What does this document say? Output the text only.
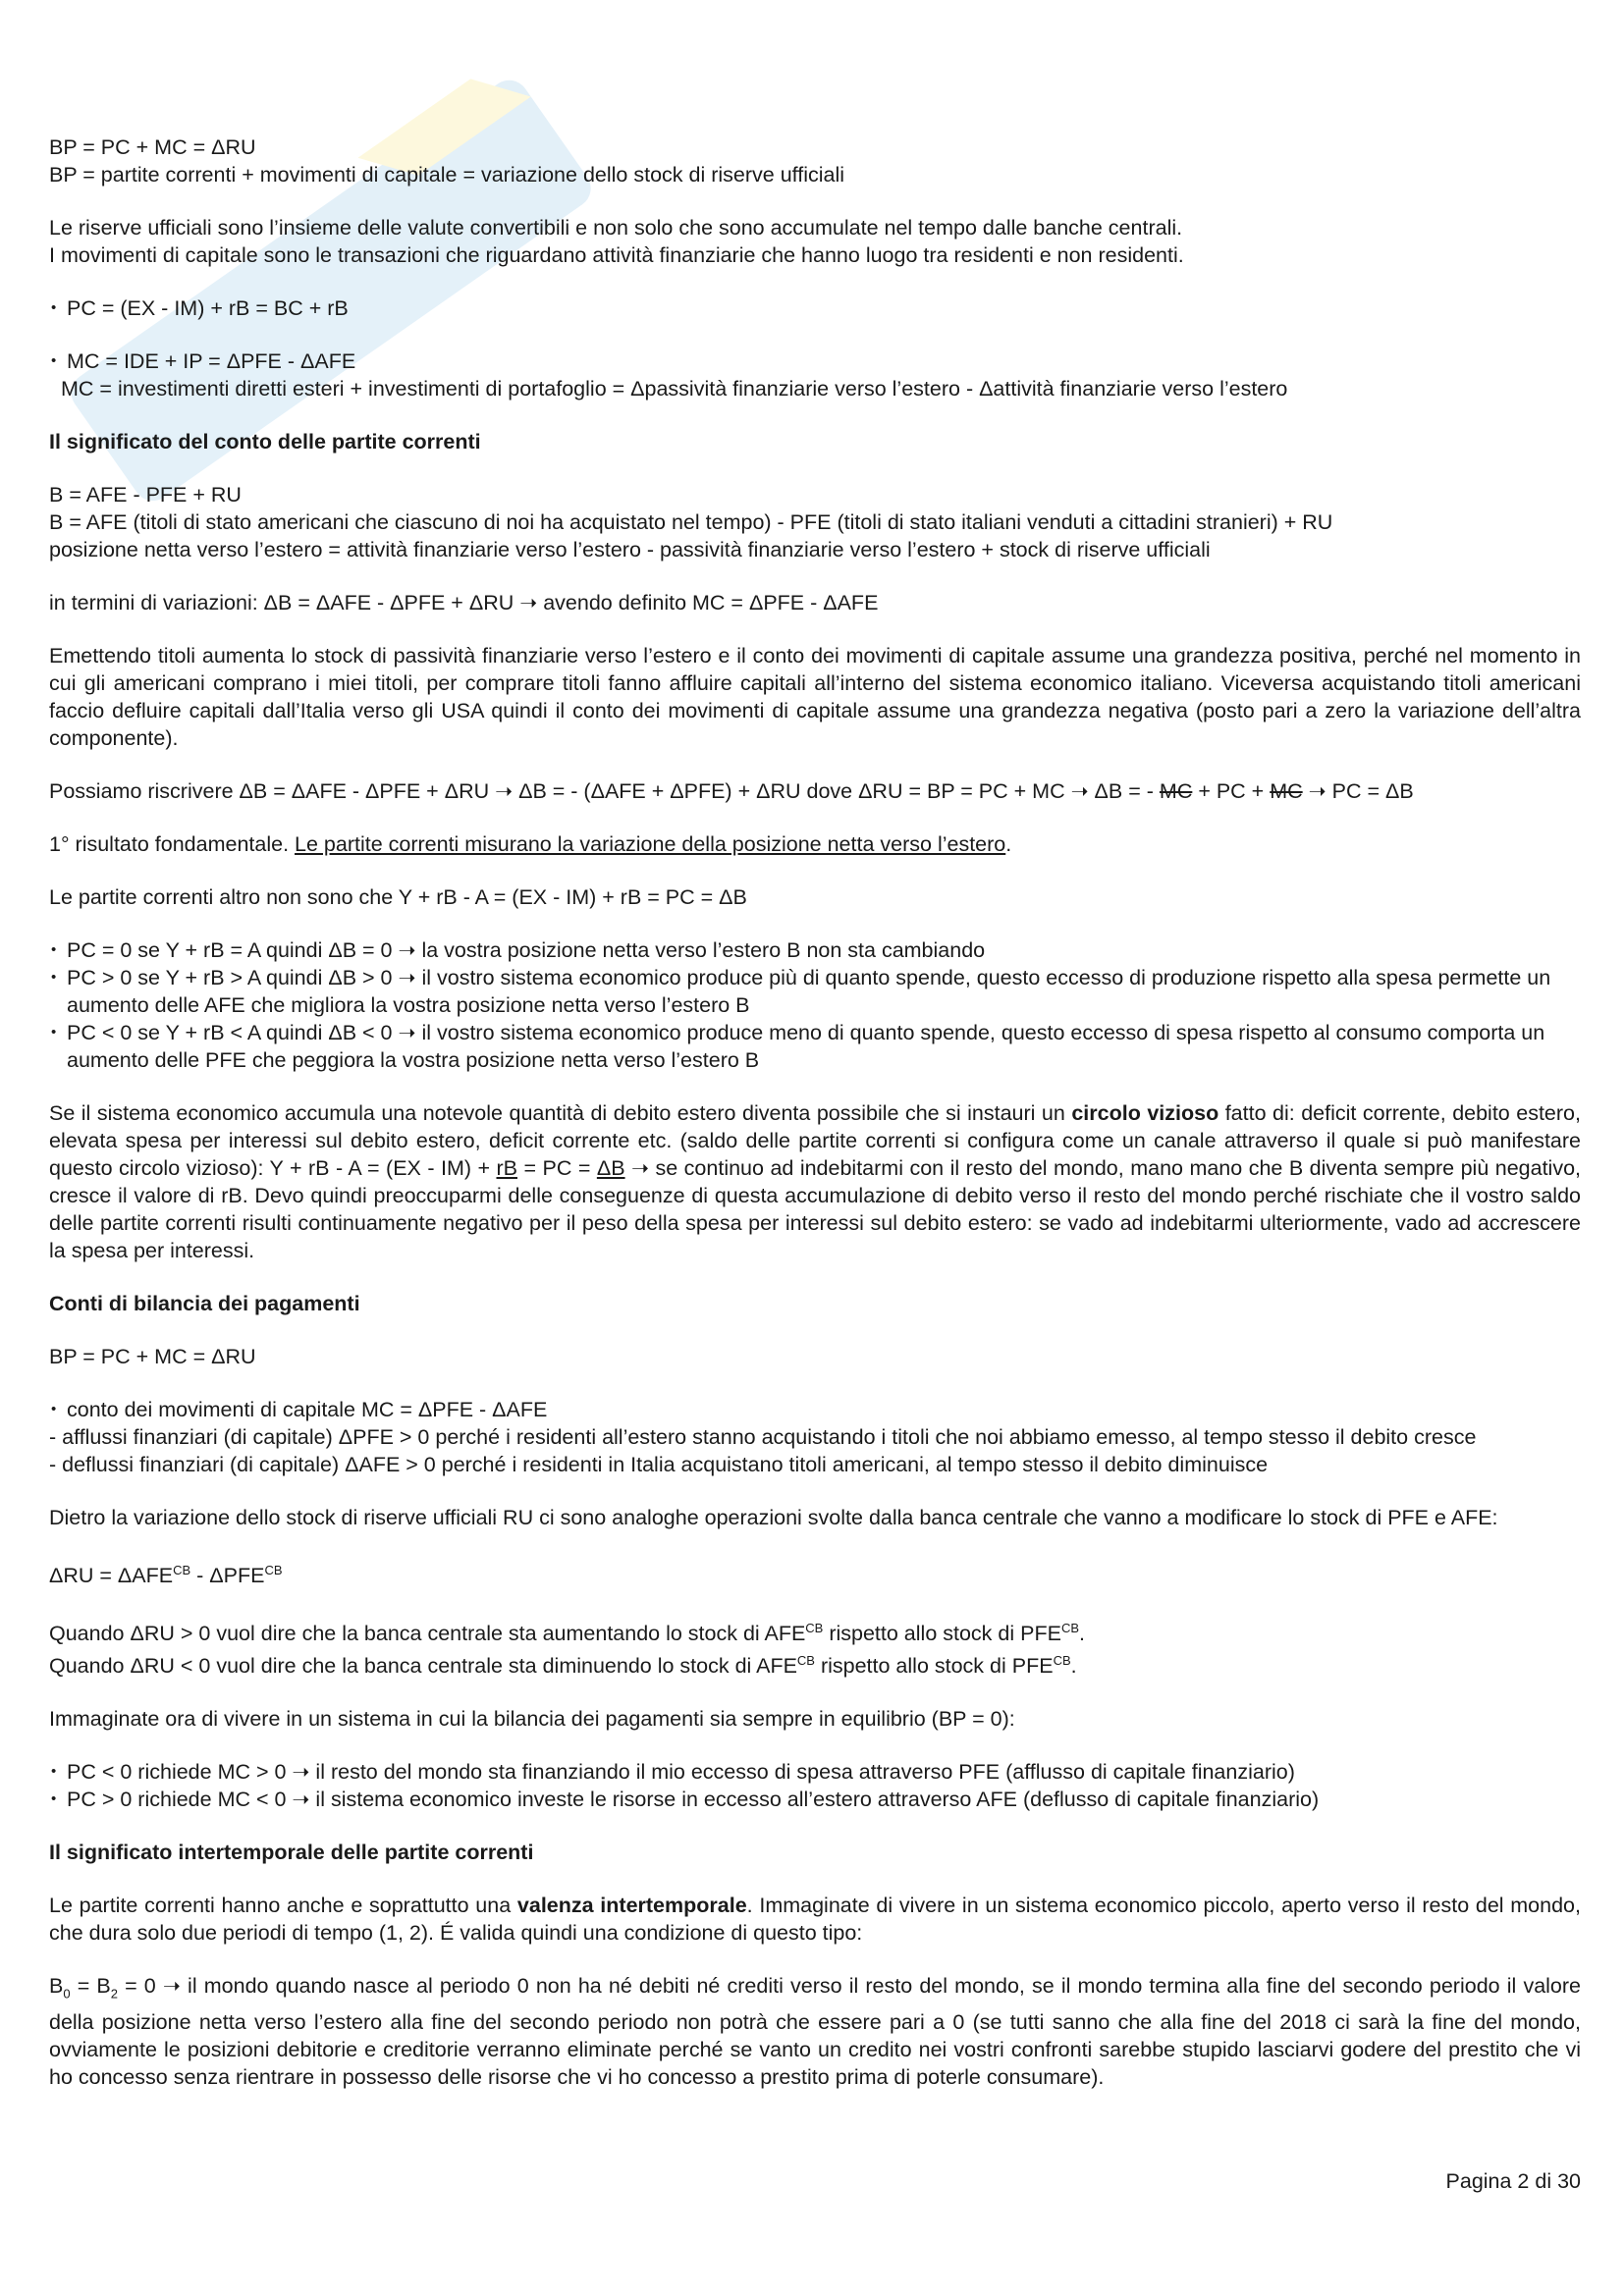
BP = PC + MC = ΔRU

BP = partite correnti + movimenti di capitale = variazione dello stock di riserve ufficiali

Le riserve ufficiali sono l’insieme delle valute convertibili e non solo che sono accumulate nel tempo dalle banche centrali.

I movimenti di capitale sono le transazioni che riguardano attività finanziarie che hanno luogo tra residenti e non residenti.

• PC = (EX - IM) + rB = BC + rB

• MC = IDE + IP = ΔPFE - ΔAFE

MC = investimenti diretti esteri + investimenti di portafoglio = Δpassività finanziarie verso l’estero - Δattività finanziarie verso l’estero

Il significato del conto delle partite correnti

B = AFE - PFE + RU

B = AFE (titoli di stato americani che ciascuno di noi ha acquistato nel tempo) - PFE (titoli di stato italiani venduti a cittadini stranieri) + RU

posizione netta verso l’estero = attività finanziarie verso l’estero - passività finanziarie verso l’estero + stock di riserve ufficiali

in termini di variazioni: ΔB = ΔAFE - ΔPFE + ΔRU ➝ avendo definito MC = ΔPFE - ΔAFE

Emettendo titoli aumenta lo stock di passività finanziarie verso l’estero e il conto dei movimenti di capitale assume una grandezza positiva, perché nel momento in cui gli americani comprano i miei titoli, per comprare titoli fanno affluire capitali all’interno del sistema economico italiano. Viceversa acquistando titoli americani faccio defluire capitali dall’Italia verso gli USA quindi il conto dei movimenti di capitale assume una grandezza negativa (posto pari a zero la variazione dell’altra componente).

Possiamo riscrivere ΔB = ΔAFE - ΔPFE + ΔRU ➝ ΔB = - (ΔAFE + ΔPFE) + ΔRU dove ΔRU = BP = PC + MC ➝ ΔB = - MC + PC + MC ➝ PC = ΔB

1° risultato fondamentale. Le partite correnti misurano la variazione della posizione netta verso l’estero.

Le partite correnti altro non sono che Y + rB - A = (EX - IM) + rB = PC = ΔB

• PC = 0 se Y + rB = A quindi ΔB = 0 ➝ la vostra posizione netta verso l’estero B non sta cambiando

• PC > 0 se Y + rB > A quindi ΔB > 0 ➝ il vostro sistema economico produce più di quanto spende, questo eccesso di produzione rispetto alla spesa permette un aumento delle AFE che migliora la vostra posizione netta verso l’estero B

• PC < 0 se Y + rB < A quindi ΔB < 0 ➝ il vostro sistema economico produce meno di quanto spende, questo eccesso di spesa rispetto al consumo comporta un aumento delle PFE che peggiora la vostra posizione netta verso l’estero B

Se il sistema economico accumula una notevole quantità di debito estero diventa possibile che si instauri un circolo vizioso fatto di: deficit corrente, debito estero, elevata spesa per interessi sul debito estero, deficit corrente etc. (saldo delle partite correnti si configura come un canale attraverso il quale si può manifestare questo circolo vizioso): Y + rB - A = (EX - IM) + rB = PC = ΔB ➝ se continuo ad indebitarmi con il resto del mondo, mano mano che B diventa sempre più negativo, cresce il valore di rB. Devo quindi preoccuparmi delle conseguenze di questa accumulazione di debito verso il resto del mondo perché rischiate che il vostro saldo delle partite correnti risulti continuamente negativo per il peso della spesa per interessi sul debito estero: se vado ad indebitarmi ulteriormente, vado ad accrescere la spesa per interessi.

Conti di bilancia dei pagamenti

BP = PC + MC = ΔRU

• conto dei movimenti di capitale MC = ΔPFE - ΔAFE

- afflussi finanziari (di capitale) ΔPFE > 0 perché i residenti all’estero stanno acquistando i titoli che noi abbiamo emesso, al tempo stesso il debito cresce

- deflussi finanziari (di capitale) ΔAFE > 0 perché i residenti in Italia acquistano titoli americani, al tempo stesso il debito diminuisce

Dietro la variazione dello stock di riserve ufficiali RU ci sono analoghe operazioni svolte dalla banca centrale che vanno a modificare lo stock di PFE e AFE:

$\Delta RU = \Delta AFE^{CB} - \Delta PFE^{CB}$

Quando ΔRU > 0 vuol dire che la banca centrale sta aumentando lo stock di $AFE^{CB}$ rispetto allo stock di $PFE^{CB}$.

Quando ΔRU < 0 vuol dire che la banca centrale sta diminuendo lo stock di $AFE^{CB}$ rispetto allo stock di $PFE^{CB}$.

Immaginate ora di vivere in un sistema in cui la bilancia dei pagamenti sia sempre in equilibrio (BP = 0):

• PC < 0 richiede MC > 0 ➝ il resto del mondo sta finanziando il mio eccesso di spesa attraverso PFE (afflusso di capitale finanziario)

• PC > 0 richiede MC < 0 ➝ il sistema economico investe le risorse in eccesso all’estero attraverso AFE (deflusso di capitale finanziario)

Il significato intertemporale delle partite correnti

Le partite correnti hanno anche e soprattutto una valenza intertemporale. Immaginate di vivere in un sistema economico piccolo, aperto verso il resto del mondo, che dura solo due periodi di tempo (1, 2). É valida quindi una condizione di questo tipo:

$B_0 = B_2 = 0$ ➝ il mondo quando nasce al periodo 0 non ha né debiti né crediti verso il resto del mondo, se il mondo termina alla fine del secondo periodo il valore della posizione netta verso l’estero alla fine del secondo periodo non potrà che essere pari a 0 (se tutti sanno che alla fine del 2018 ci sarà la fine del mondo, ovviamente le posizioni debitorie e creditorie verranno eliminate perché se vanto un credito nei vostri confronti sarebbe stupido lasciarvi godere del prestito che vi ho concesso senza rientrare in possesso delle risorse che vi ho concesso a prestito prima di poterle consumare).

Pagina 2 di 30
